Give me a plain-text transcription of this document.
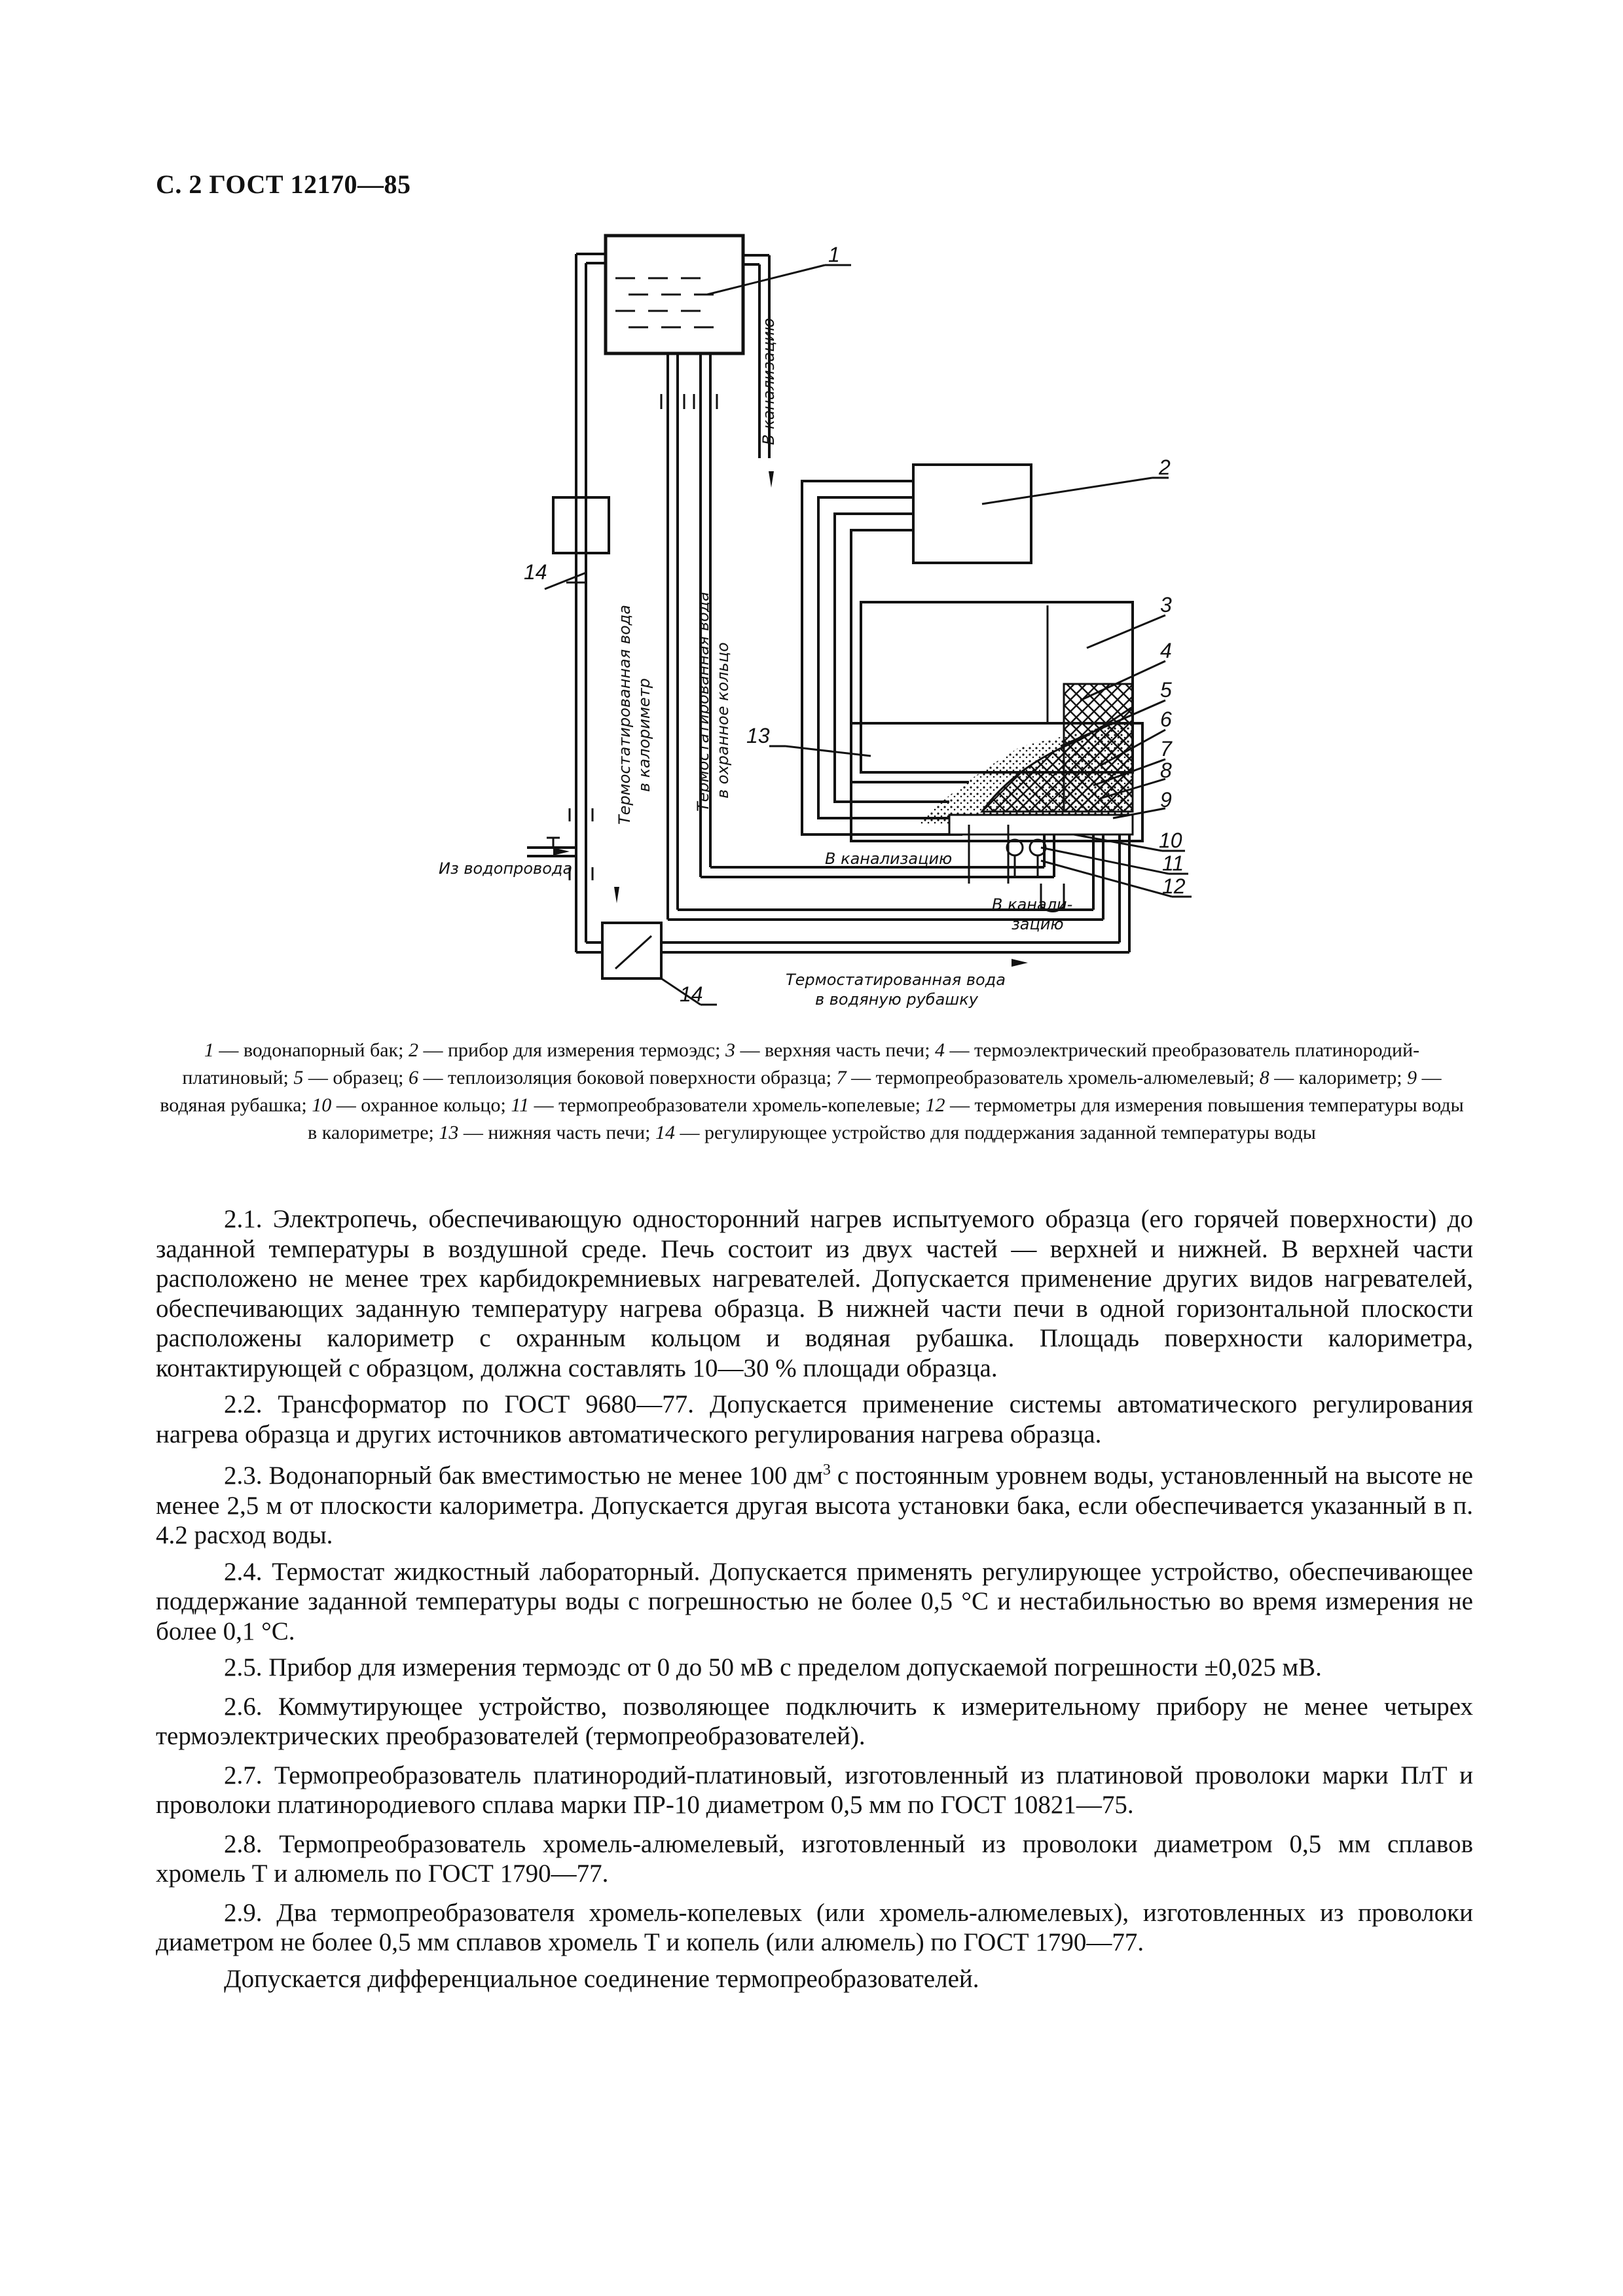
С. 2 ГОСТ 12170—85
1
2
3
4
5
6
7
8
9
10
11
12
13
14
14
В канализацию
Термостатированная вода в калориметр	Термостатированная вода в охранное кольцо
Из водопровода
В канализацию
В канали-
зацию
Термостатированная вода
в водяную рубашку
1 — водонапорный бак; 2 — прибор для измерения термоэдс; 3 — верхняя часть печи; 4 — термоэлектрический преобразователь платинородий-платиновый; 5 — образец; 6 — теплоизоляция боковой поверхности образца; 7 — термопреобразователь хромель-алюмелевый; 8 — калориметр; 9 — водяная рубашка; 10 — охранное кольцо; 11 — термопреобразователи хромель-копелевые; 12 — термометры для измерения повышения температуры воды в калориметре; 13 — нижняя часть печи; 14 — регулирующее устройство для поддержания заданной температуры воды

2.1. Электропечь, обеспечивающую односторонний нагрев испытуемого образца (его горячей поверхности) до заданной температуры в воздушной среде. Печь состоит из двух частей — верхней и нижней. В верхней части расположено не менее трех карбидокремниевых нагревателей. Допускается применение других видов нагревателей, обеспечивающих заданную температуру нагрева образца. В нижней части печи в одной горизонтальной плоскости расположены калориметр с охранным кольцом и водяная рубашка. Площадь поверхности калориметра, контактирующей с образцом, должна составлять 10—30 % площади образца.

2.2. Трансформатор по ГОСТ 9680—77. Допускается применение системы автоматического регулирования нагрева образца и других источников автоматического регулирования нагрева образца.

2.3. Водонапорный бак вместимостью не менее 100 $дм^3$ с постоянным уровнем воды, установленный на высоте не менее 2,5 м от плоскости калориметра. Допускается другая высота установки бака, если обеспечивается указанный в п. 4.2 расход воды.

2.4. Термостат жидкостный лабораторный. Допускается применять регулирующее устройство, обеспечивающее поддержание заданной температуры воды с погрешностью не более 0,5 °С и нестабильностью во время измерения не более 0,1 °С.

2.5. Прибор для измерения термоэдс от 0 до 50 мВ с пределом допускаемой погрешности ±0,025 мВ.

2.6. Коммутирующее устройство, позволяющее подключить к измерительному прибору не менее четырех термоэлектрических преобразователей (термопреобразователей).

2.7. Термопреобразователь платинородий-платиновый, изготовленный из платиновой проволоки марки ПлТ и проволоки платинородиевого сплава марки ПР-10 диаметром 0,5 мм по ГОСТ 10821—75.

2.8. Термопреобразователь хромель-алюмелевый, изготовленный из проволоки диаметром 0,5 мм сплавов хромель Т и алюмель по ГОСТ 1790—77.

2.9. Два термопреобразователя хромель-копелевых (или хромель-алюмелевых), изготовленных из проволоки диаметром не более 0,5 мм сплавов хромель Т и копель (или алюмель) по ГОСТ 1790—77.

Допускается дифференциальное соединение термопреобразователей.
